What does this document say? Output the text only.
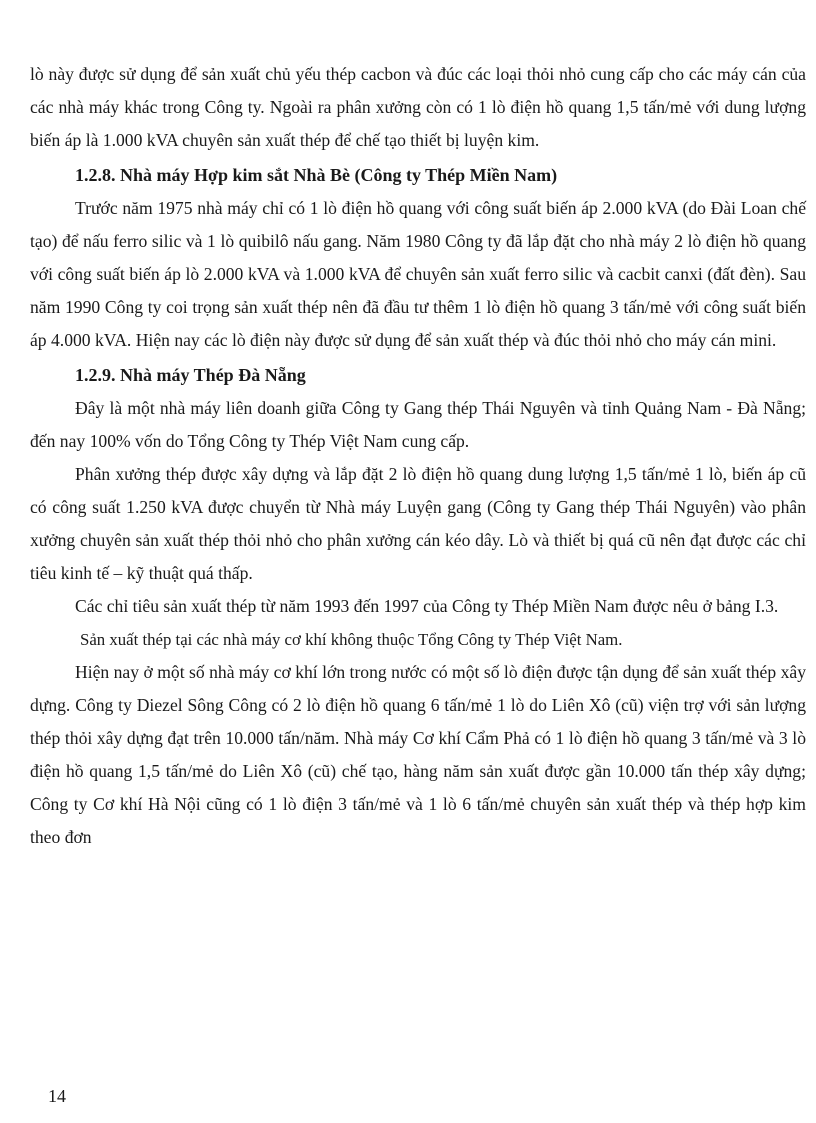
lò này được sử dụng để sản xuất chủ yếu thép cacbon và đúc các loại thỏi nhỏ cung cấp cho các máy cán của các nhà máy khác trong Công ty. Ngoài ra phân xưởng còn có 1 lò điện hồ quang 1,5 tấn/mẻ với dung lượng biến áp là 1.000 kVA chuyên sản xuất thép để chế tạo thiết bị luyện kim.

1.2.8. Nhà máy Hợp kim sắt Nhà Bè (Công ty Thép Miền Nam)

Trước năm 1975 nhà máy chỉ có 1 lò điện hồ quang với công suất biến áp 2.000 kVA (do Đài Loan chế tạo) để nấu ferro silic và 1 lò quibilô nấu gang. Năm 1980 Công ty đã lắp đặt cho nhà máy 2 lò điện hồ quang với công suất biến áp lò 2.000 kVA và 1.000 kVA để chuyên sản xuất ferro silic và cacbit canxi (đất đèn). Sau năm 1990 Công ty coi trọng sản xuất thép nên đã đầu tư thêm 1 lò điện hồ quang 3 tấn/mẻ với công suất biến áp 4.000 kVA. Hiện nay các lò điện này được sử dụng để sản xuất thép và đúc thỏi nhỏ cho máy cán mini.

1.2.9. Nhà máy Thép Đà Nẵng

Đây là một nhà máy liên doanh giữa Công ty Gang thép Thái Nguyên và tỉnh Quảng Nam - Đà Nẵng; đến nay 100% vốn do Tổng Công ty Thép Việt Nam cung cấp.

Phân xưởng thép được xây dựng và lắp đặt 2 lò điện hồ quang dung lượng 1,5 tấn/mẻ 1 lò, biến áp cũ có công suất 1.250 kVA được chuyển từ Nhà máy Luyện gang (Công ty Gang thép Thái Nguyên) vào phân xưởng chuyên sản xuất thép thỏi nhỏ cho phân xưởng cán kéo dây. Lò và thiết bị quá cũ nên đạt được các chỉ tiêu kinh tế – kỹ thuật quá thấp.

Các chỉ tiêu sản xuất thép từ năm 1993 đến 1997 của Công ty Thép Miền Nam được nêu ở bảng I.3.

Sản xuất thép tại các nhà máy cơ khí không thuộc Tổng Công ty Thép Việt Nam.

Hiện nay ở một số nhà máy cơ khí lớn trong nước có một số lò điện được tận dụng để sản xuất thép xây dựng. Công ty Diezel Sông Công có 2 lò điện hồ quang 6 tấn/mẻ 1 lò do Liên Xô (cũ) viện trợ với sản lượng thép thỏi xây dựng đạt trên 10.000 tấn/năm. Nhà máy Cơ khí Cẩm Phả có 1 lò điện hồ quang 3 tấn/mẻ và 3 lò điện hồ quang 1,5 tấn/mẻ do Liên Xô (cũ) chế tạo, hàng năm sản xuất được gần 10.000 tấn thép xây dựng; Công ty Cơ khí Hà Nội cũng có 1 lò điện 3 tấn/mẻ và 1 lò 6 tấn/mẻ chuyên sản xuất thép và thép hợp kim theo đơn

14
